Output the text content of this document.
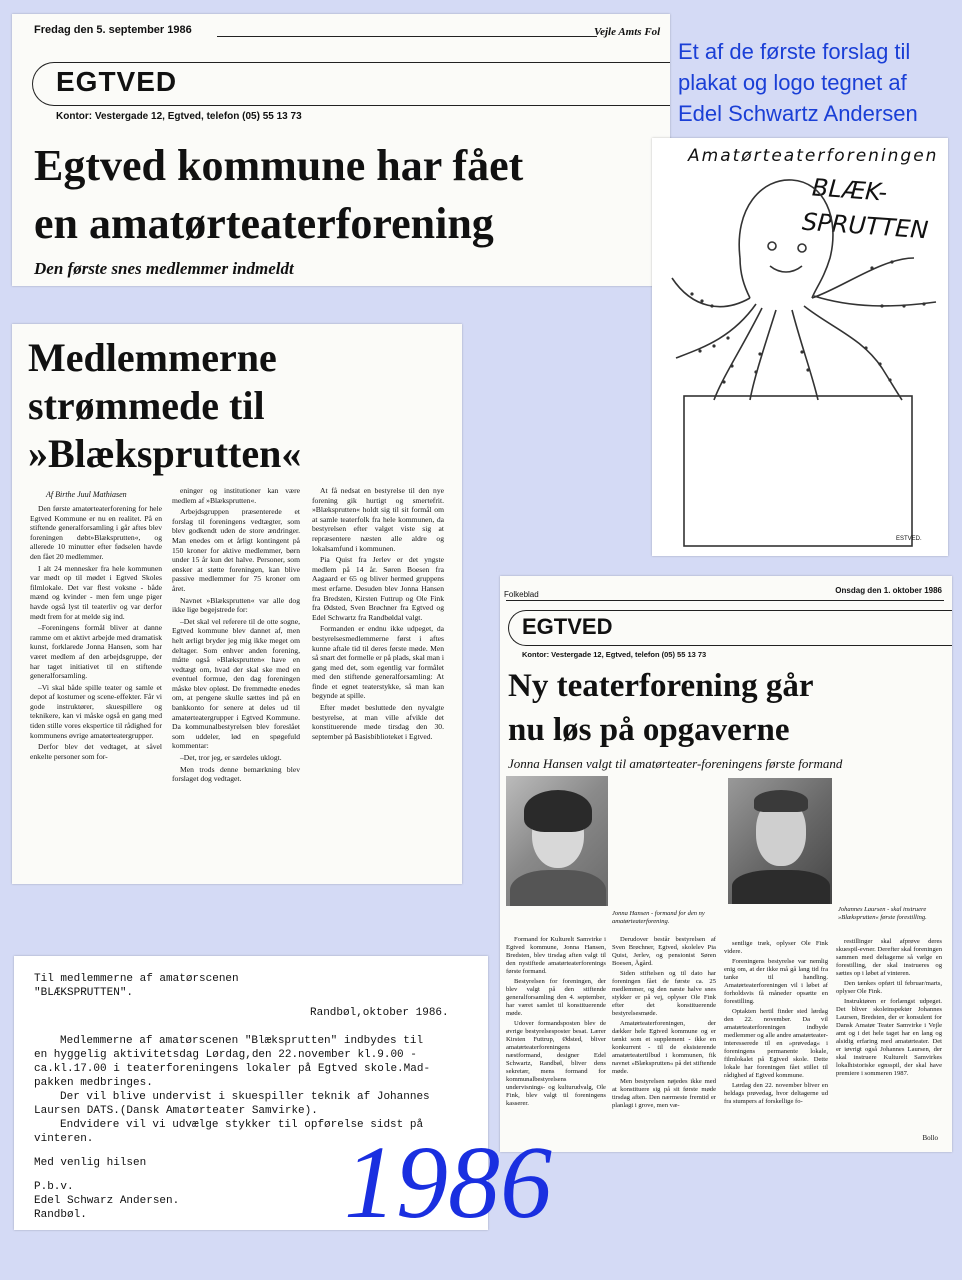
Fredag den 5. september 1986	Vejle Amts Fol
EGTVED
Kontor: Vestergade 12, Egtved, telefon (05) 55 13 73
Egtved kommune har fået
en amatørteaterforening
Den første snes medlemmer indmeldt
Et af de første forslag til
plakat og logo tegnet af
Edel Schwartz Andersen
Amatørteaterforeningen
BLÆK-
SPRUTTEN
ESTVED.
Medlemmerne
strømmede til
»Blæksprutten«
Af Birthe Juul Mathiasen

Den første amatørteaterforening for hele Egtved Kommune er nu en realitet. På en stiftende generalforsamling i går aftes blev foreningen døbt»Blæksprutten«, og allerede 10 minutter efter fødselen havde den fået 20 medlemmer.

I alt 24 mennesker fra hele kommunen var mødt op til mødet i Egtved Skoles filmlokale. Det var flest voksne - både mænd og kvinder - men fem unge piger havde også lyst til teaterliv og var derfor mødt frem for at melde sig ind.

–Foreningens formål bliver at danne ramme om et aktivt arbejde med dramatisk kunst, forklarede Jonna Hansen, som har været medlem af den arbejdsgruppe, der har taget initiativet til en stiftende generalforsamling.

–Vi skal både spille teater og samle et depot af kostumer og scene-effekter. Får vi gode instruktører, skuespillere og teknikere, kan vi måske også en gang med tiden stille vores ekspertice til rådighed for kommunens øvrige amatørteatergrupper.

Derfor blev det vedtaget, at såvel enkelte personer som for-

eninger og institutioner kan være medlem af »Blæksprutten«.

Arbejdsgruppen præsenterede et forslag til foreningens vedtægter, som blev godkendt uden de store ændringer. Man enedes om et årligt kontingent på 150 kroner for aktive medlemmer, børn under 15 år kun det halve. Personer, som ønsker at støtte foreningen, kan blive passive medlemmer for 75 kroner om året.

Navnet »Blæksprutten« var alle dog ikke lige begejstrede for:

–Det skal vel referere til de otte sogne, Egtved kommune blev dannet af, men helt ærligt bryder jeg mig ikke meget om deltager. Som enhver anden forening, måtte også »Blæksprutten« have en vedtægt om, hvad der skal ske med en eventuel formue, den dag foreningen måske blev opløst. De fremmødte enedes om, at pengene skulle sættes ind på en bankkonto for senere at deles ud til amatørteatergrupper i Egtved Kommune. Da kommunalbestyrelsen blev foreslået som uddeler, lød en spøgefuld kommentar:

–Det, tror jeg, er særdeles uklogt.

Men trods denne bemærkning blev forslaget dog vedtaget.

At få nedsat en bestyrelse til den nye forening gik hurtigt og smertefrit. »Blæksprutten« holdt sig til sit formål om at samle teaterfolk fra hele kommunen, da bestyrelsen efter valget viste sig at repræsentere næsten alle aldre og lokalsamfund i kommunen.

Pia Quist fra Jerlev er det yngste medlem på 14 år. Søren Boesen fra Aagaard er 65 og bliver hermed gruppens mest erfarne. Desuden blev Jonna Hansen fra Bredsten, Kirsten Futtrup og Ole Fink fra Ødsted, Sven Brøchner fra Egtved og Edel Schwartz fra Randbøldal valgt.

Formanden er endnu ikke udpeget, da bestyrelsesmedlemmerne først i aftes kunne aftale tid til deres første møde. Men så snart det formelle er på plads, skal man i gang med det, som egentlig var formålet med den stiftende generalforsamling: At finde et egnet teaterstykke, så man kan begynde at spille.

Efter mødet besluttede den nyvalgte bestyrelse, at man ville afvikle det konstituerende møde tirsdag den 30. september på Basisbiblioteket i Egtved.

Folkeblad	Onsdag den 1. oktober 1986
EGTVED
Kontor: Vestergade 12, Egtved, telefon (05) 55 13 73
Ny teaterforening går
nu løs på opgaverne
Jonna Hansen valgt til amatørteater-foreningens første formand
Jonna Hansen - formand for den ny amatørteaterforening.
Johannes Laursen - skal instruere »Blæksprutten« første forestilling.

Formand for Kulturelt Samvirke i Egtved kommune, Jonna Hansen, Bredsten, blev tirsdag aften valgt til den nystiftede amatørteaterforenings første formand.

Bestyrelsen for foreningen, der blev valgt på den stiftende generalforsamling den 4. september, har været samlet til konstituerende møde.

Udover formandsposten blev de øvrige bestyrelsesposter besat. Lærer Kirsten Futtrup, Ødsted, bliver amatørteaterforeningens næstformand, designer Edel Schwartz, Randbøl, bliver dens sekretær, mens formand for kommunalbestyrelsens undervisnings- og kulturudvalg, Ole Fink, blev valgt til foreningens kasserer.

Derudover består bestyrelsen af Sven Brøchner, Egtved, skolelev Pia Quist, Jerlev, og pensionist Søren Boesen, Ågård.

Siden stiftelsen og til dato har foreningen fået de første ca. 25 medlemmer, og den næste halve snes stykker er på vej, oplyser Ole Fink efter det konstituerende bestyrelsesmøde.

Amatørteaterforeningen, der dækker hele Egtved kommune og er tænkt som et supplement - ikke en konkurrent - til de eksisterende amatørteatertilbud i kommunen, fik navnet »Blæksprutten« på det stiftende møde.

Men bestyrelsen nøjedes ikke med at konstituere sig på sit første møde tirsdag aften. Den nærmeste fremtid er planlagt i grove, men væ-

sentlige træk, oplyser Ole Fink videre.

Foreningens bestyrelse var nemlig enig om, at der ikke må gå lang tid fra tanke til handling. Amatørteaterforeningen vil i løbet af forholdsvis få måneder opsætte en forestilling.

Optakten hertil finder sted lørdag den 22. november. Da vil amatørteaterforeningen indbyde medlemmer og alle andre amatørteater-interesserede til en »prøvedag« i foreningens permanente lokale, filmlokalet på Egtved skole. Dette lokale har foreningen fået stillet til rådighed af Egtved kommune.

Lørdag den 22. november bliver en heldags prøvedag, hvor deltagerne ud fra stumpers af forskellige fo-

restillinger skal afprøve deres skuespil-evner. Derefter skal foreningen sammen med deltagerne så vælge en forestilling, der skal instrueres og sættes op i løbet af vinteren.

Den tænkes opført til februar/marts, oplyser Ole Fink.

Instruktøren er forlængst udpeget. Det bliver skoleinspektør Johannes Laursen, Bredsten, der er konsulent for Dansk Amatør Teater Samvirke i Vejle amt og i det hele taget har en lang og alsidig erfaring med amatørteater. Det er iøvrigt også Johannes Laursen, der skal instruere Kulturelt Samvirkes lokalhistoriske egnsspil, der skal have premiere i sommeren 1987.

Bollo

Til medlemmerne af amatørscenen

"BLÆKSPRUTTEN".

Randbøl,oktober 1986.

Medlemmerne af amatørscenen "Blæksprutten" indbydes til

en hyggelig aktivitetsdag Lørdag,den 22.november kl.9.00 -

ca.kl.17.00 i teaterforeningens lokaler på Egtved skole.Mad-

pakken medbringes.

Der vil blive undervist i skuespiller teknik af Johannes

Laursen DATS.(Dansk Amatørteater Samvirke).

Endvidere vil vi udvælge stykker til opførelse sidst på

vinteren.

Med venlig hilsen

P.b.v.

Edel Schwarz Andersen.

Randbøl. 1986
